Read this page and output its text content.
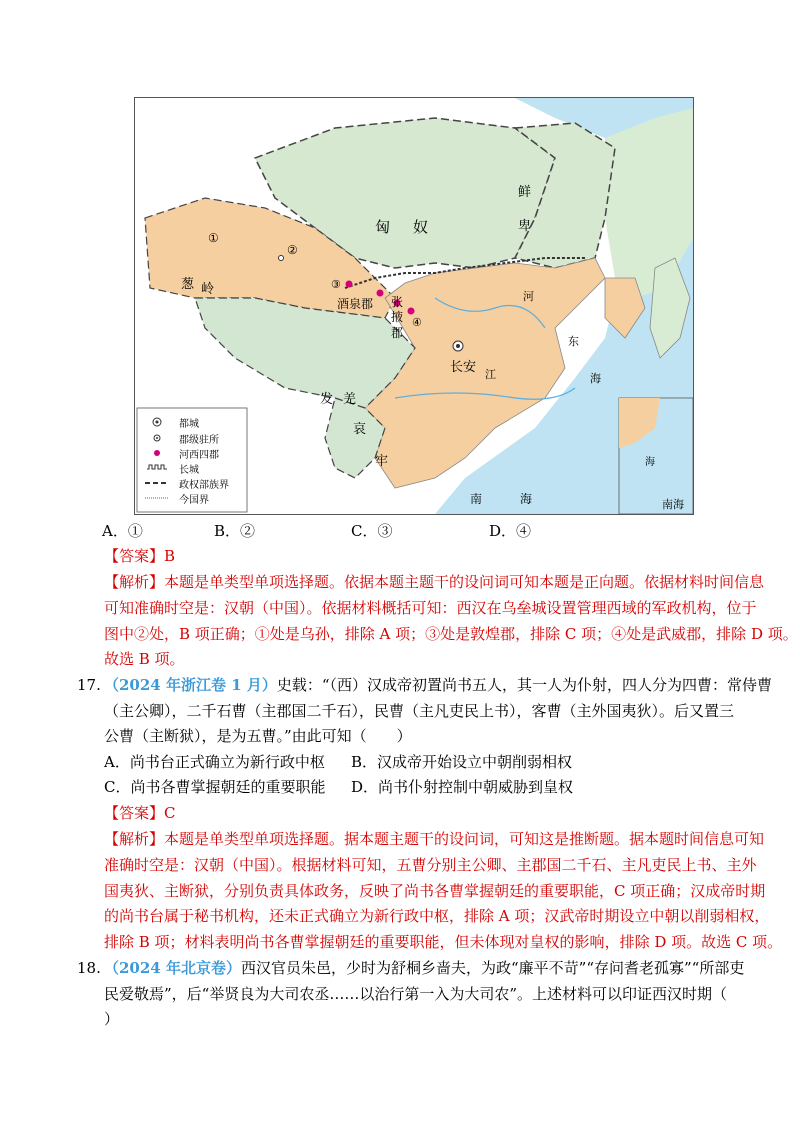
匈 奴
鲜
卑
葱 岭
酒泉郡 张
掖
郡
长安
发 羌
哀
牢
江
河
东
海
南	海
海
南海
①
②
③
④
都城
郡级驻所
河西四郡
长城
政权部族界
今国界
A．①	B．②	C．③	D．④
【答案】B
【解析】本题是单类型单项选择题。依据本题主题干的设问词可知本题是正向题。依据材料时间信息
可知准确时空是：汉朝（中国）。依据材料概括可知：西汉在乌垒城设置管理西域的军政机构，位于
图中②处，B 项正确；①处是乌孙，排除 A 项；③处是敦煌郡，排除 C 项；④处是武威郡，排除 D 项。
故选 B 项。
17. （2024 年浙江卷 1 月）史载：“（西）汉成帝初置尚书五人，其一人为仆射，四人分为四曹：常侍曹
（主公卿），二千石曹（主郡国二千石），民曹（主凡吏民上书），客曹（主外国夷狄）。后又置三
公曹（主断狱），是为五曹。”由此可知（　　）
A．尚书台正式确立为新行政中枢 B．汉成帝开始设立中朝削弱相权
C．尚书各曹掌握朝廷的重要职能 D．尚书仆射控制中朝威胁到皇权
【答案】C
【解析】本题是单类型单项选择题。据本题主题干的设问词，可知这是推断题。据本题时间信息可知
准确时空是：汉朝（中国）。根据材料可知，五曹分别主公卿、主郡国二千石、主凡吏民上书、主外
国夷狄、主断狱，分别负责具体政务，反映了尚书各曹掌握朝廷的重要职能，C 项正确；汉成帝时期
的尚书台属于秘书机构，还未正式确立为新行政中枢，排除 A 项；汉武帝时期设立中朝以削弱相权，
排除 B 项；材料表明尚书各曹掌握朝廷的重要职能，但未体现对皇权的影响，排除 D 项。故选 C 项。
18. （2024 年北京卷）西汉官员朱邑，少时为舒桐乡啬夫，为政“廉平不苛”“存问耆老孤寡”“所部吏
民爱敬焉”，后“举贤良为大司农丞……以治行第一入为大司农”。上述材料可以印证西汉时期（
）
